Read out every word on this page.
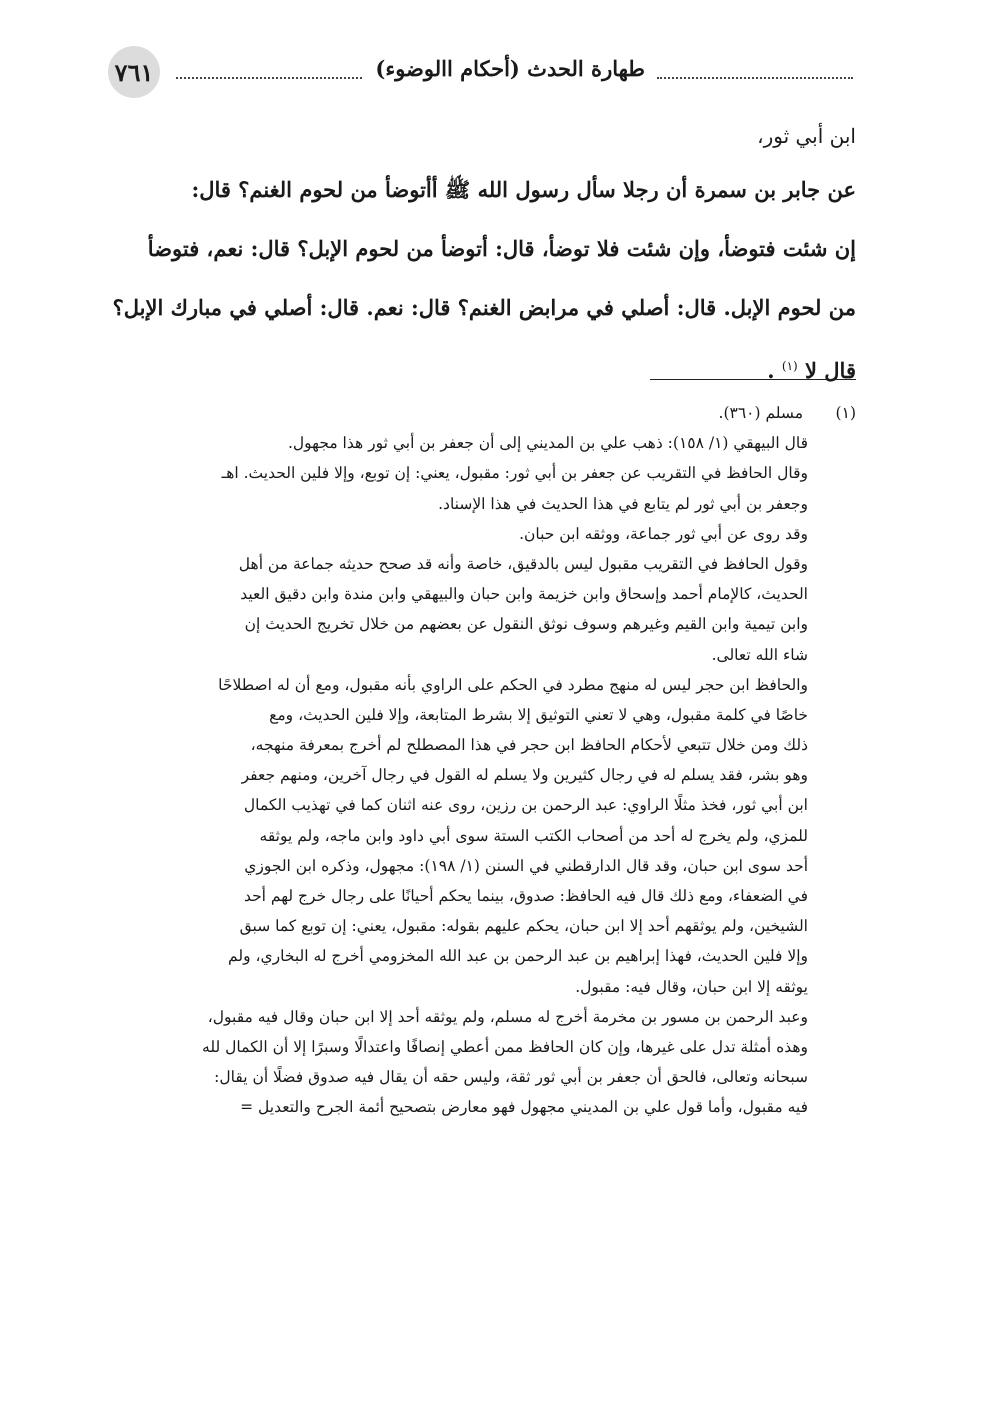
٧٦١	طهارة الحدث (أحكام االوضوء)
ابن أبي ثور،
عن جابر بن سمرة أن رجلا سأل رسول الله ﷺ أأتوضأ من لحوم الغنم؟ قال:
إن شئت فتوضأ، وإن شئت فلا توضأ، قال: أتوضأ من لحوم الإبل؟ قال: نعم، فتوضأ
من لحوم الإبل. قال: أصلي في مرابض الغنم؟ قال: نعم. قال: أصلي في مبارك الإبل؟
قال لا $^{(١)}$ .
(١) مسلم (٣٦٠).
قال البيهقي (١/ ١٥٨): ذهب علي بن المديني إلى أن جعفر بن أبي ثور هذا مجهول.
وقال الحافظ في التقريب عن جعفر بن أبي ثور: مقبول، يعني: إن توبع، وإلا فلين الحديث. اهـ
وجعفر بن أبي ثور لم يتابع في هذا الحديث في هذا الإسناد.
وقد روى عن أبي ثور جماعة، ووثقه ابن حبان.
وقول الحافظ في التقريب مقبول ليس بالدقيق، خاصة وأنه قد صحح حديثه جماعة من أهل
الحديث، كالإمام أحمد وإسحاق وابن خزيمة وابن حبان والبيهقي وابن مندة وابن دقيق العيد
وابن تيمية وابن القيم وغيرهم وسوف نوثق النقول عن بعضهم من خلال تخريج الحديث إن
شاء الله تعالى.
والحافظ ابن حجر ليس له منهج مطرد في الحكم على الراوي بأنه مقبول، ومع أن له اصطلاحًا
خاصًا في كلمة مقبول، وهي لا تعني التوثيق إلا بشرط المتابعة، وإلا فلين الحديث، ومع
ذلك ومن خلال تتبعي لأحكام الحافظ ابن حجر في هذا المصطلح لم أخرج بمعرفة منهجه،
وهو بشر، فقد يسلم له في رجال كثيرين ولا يسلم له القول في رجال آخرين، ومنهم جعفر
ابن أبي ثور، فخذ مثلًا الراوي: عبد الرحمن بن رزين، روى عنه اثنان كما في تهذيب الكمال
للمزي، ولم يخرج له أحد من أصحاب الكتب الستة سوى أبي داود وابن ماجه، ولم يوثقه
أحد سوى ابن حبان، وقد قال الدارقطني في السنن (١/ ١٩٨): مجهول، وذكره ابن الجوزي
في الضعفاء، ومع ذلك قال فيه الحافظ: صدوق، بينما يحكم أحيانًا على رجال خرج لهم أحد
الشيخين، ولم يوثقهم أحد إلا ابن حبان، يحكم عليهم بقوله: مقبول، يعني: إن توبع كما سبق
وإلا فلين الحديث، فهذا إبراهيم بن عبد الرحمن بن عبد الله المخزومي أخرج له البخاري، ولم
يوثقه إلا ابن حبان، وقال فيه: مقبول.
وعبد الرحمن بن مسور بن مخرمة أخرج له مسلم، ولم يوثقه أحد إلا ابن حبان وقال فيه مقبول،
وهذه أمثلة تدل على غيرها، وإن كان الحافظ ممن أعطي إنصافًا واعتدالًا وسبرًا إلا أن الكمال لله
سبحانه وتعالى، فالحق أن جعفر بن أبي ثور ثقة، وليس حقه أن يقال فيه صدوق فضلًا أن يقال:
فيه مقبول، وأما قول علي بن المديني مجهول فهو معارض بتصحيح أئمة الجرح والتعديل =
